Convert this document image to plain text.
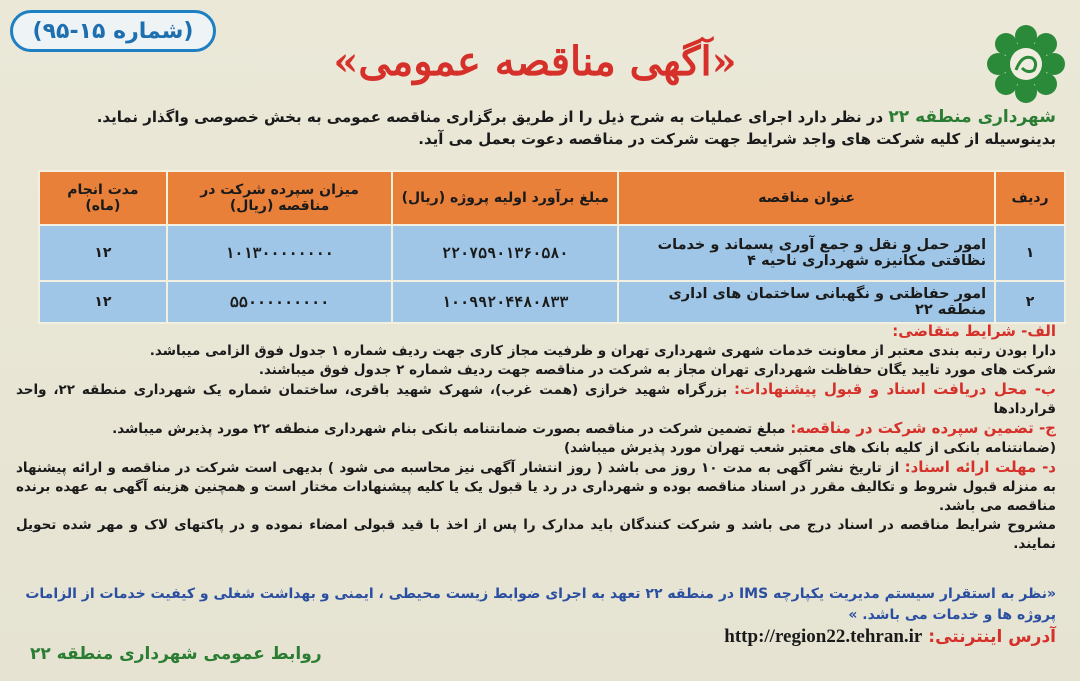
(شماره ۱۵-۹۵)
«آگهی مناقصه عمومی»
شهرداری منطقه ۲۲ در نظر دارد اجرای عملیات به شرح ذیل را از طریق برگزاری مناقصه عمومی به بخش خصوصی واگذار نماید.
بدینوسیله از کلیه شرکت های واجد شرایط جهت شرکت در مناقصه دعوت بعمل می آید.
ردیف	عنوان مناقصه	مبلغ برآورد اولیه پروژه (ریال)	میزان سپرده شرکت در مناقصه (ریال)	مدت انجام (ماه)
۱	امور حمل و نقل و جمع آوری پسماند و خدمات نظافتی مکانیزه شهرداری ناحیه ۴	۲۲۰۷۵۹۰۱۳۶۰۵۸۰	۱۰۱۳۰۰۰۰۰۰۰۰	۱۲
۲	امور حفاظتی و نگهبانی ساختمان های اداری منطقه ۲۲	۱۰۰۹۹۲۰۴۴۸۰۸۳۳	۵۵۰۰۰۰۰۰۰۰۰	۱۲

الف- شرایط متقاضی:

دارا بودن رتبه بندی معتبر از معاونت خدمات شهری شهرداری تهران و ظرفیت مجاز کاری جهت ردیف شماره ۱ جدول فوق الزامی میباشد.

شرکت های مورد تایید یگان حفاظت شهرداری تهران مجاز به شرکت در مناقصه جهت ردیف شماره ۲ جدول فوق میباشند.

ب- محل دریافت اسناد و قبول پیشنهادات: بزرگراه شهید خرازی (همت غرب)، شهرک شهید باقری، ساختمان شماره یک شهرداری منطقه ۲۲، واحد قراردادها

ج- تضمین سپرده شرکت در مناقصه: مبلغ تضمین شرکت در مناقصه بصورت ضمانتنامه بانکی بنام شهرداری منطقه ۲۲ مورد پذیرش میباشد.

(ضمانتنامه بانکی از کلیه بانک های معتبر شعب تهران مورد پذیرش میباشد)

د- مهلت ارائه اسناد: از تاریخ نشر آگهی به مدت ۱۰ روز می باشد ( روز انتشار آگهی نیز محاسبه می شود ) بدیهی است شرکت در مناقصه و ارائه پیشنهاد به منزله قبول شروط و تکالیف مقرر در اسناد مناقصه بوده و شهرداری در رد یا قبول یک یا کلیه پیشنهادات مختار است و همچنین هزینه آگهی به عهده برنده مناقصه می باشد.

مشروح شرایط مناقصه در اسناد درج می باشد و شرکت کنندگان باید مدارک را پس از اخذ با قید قبولی امضاء نموده و در پاکتهای لاک و مهر شده تحویل نمایند.

«نظر به استقرار سیستم مدیریت یکپارچه IMS در منطقه ۲۲ تعهد به اجرای ضوابط زیست محیطی ، ایمنی و بهداشت شغلی و کیفیت خدمات از الزامات پروژه ها و خدمات می باشد. »
آدرس اینترنتی: http://region22.tehran.ir
روابط عمومی شهرداری منطقه ۲۲
